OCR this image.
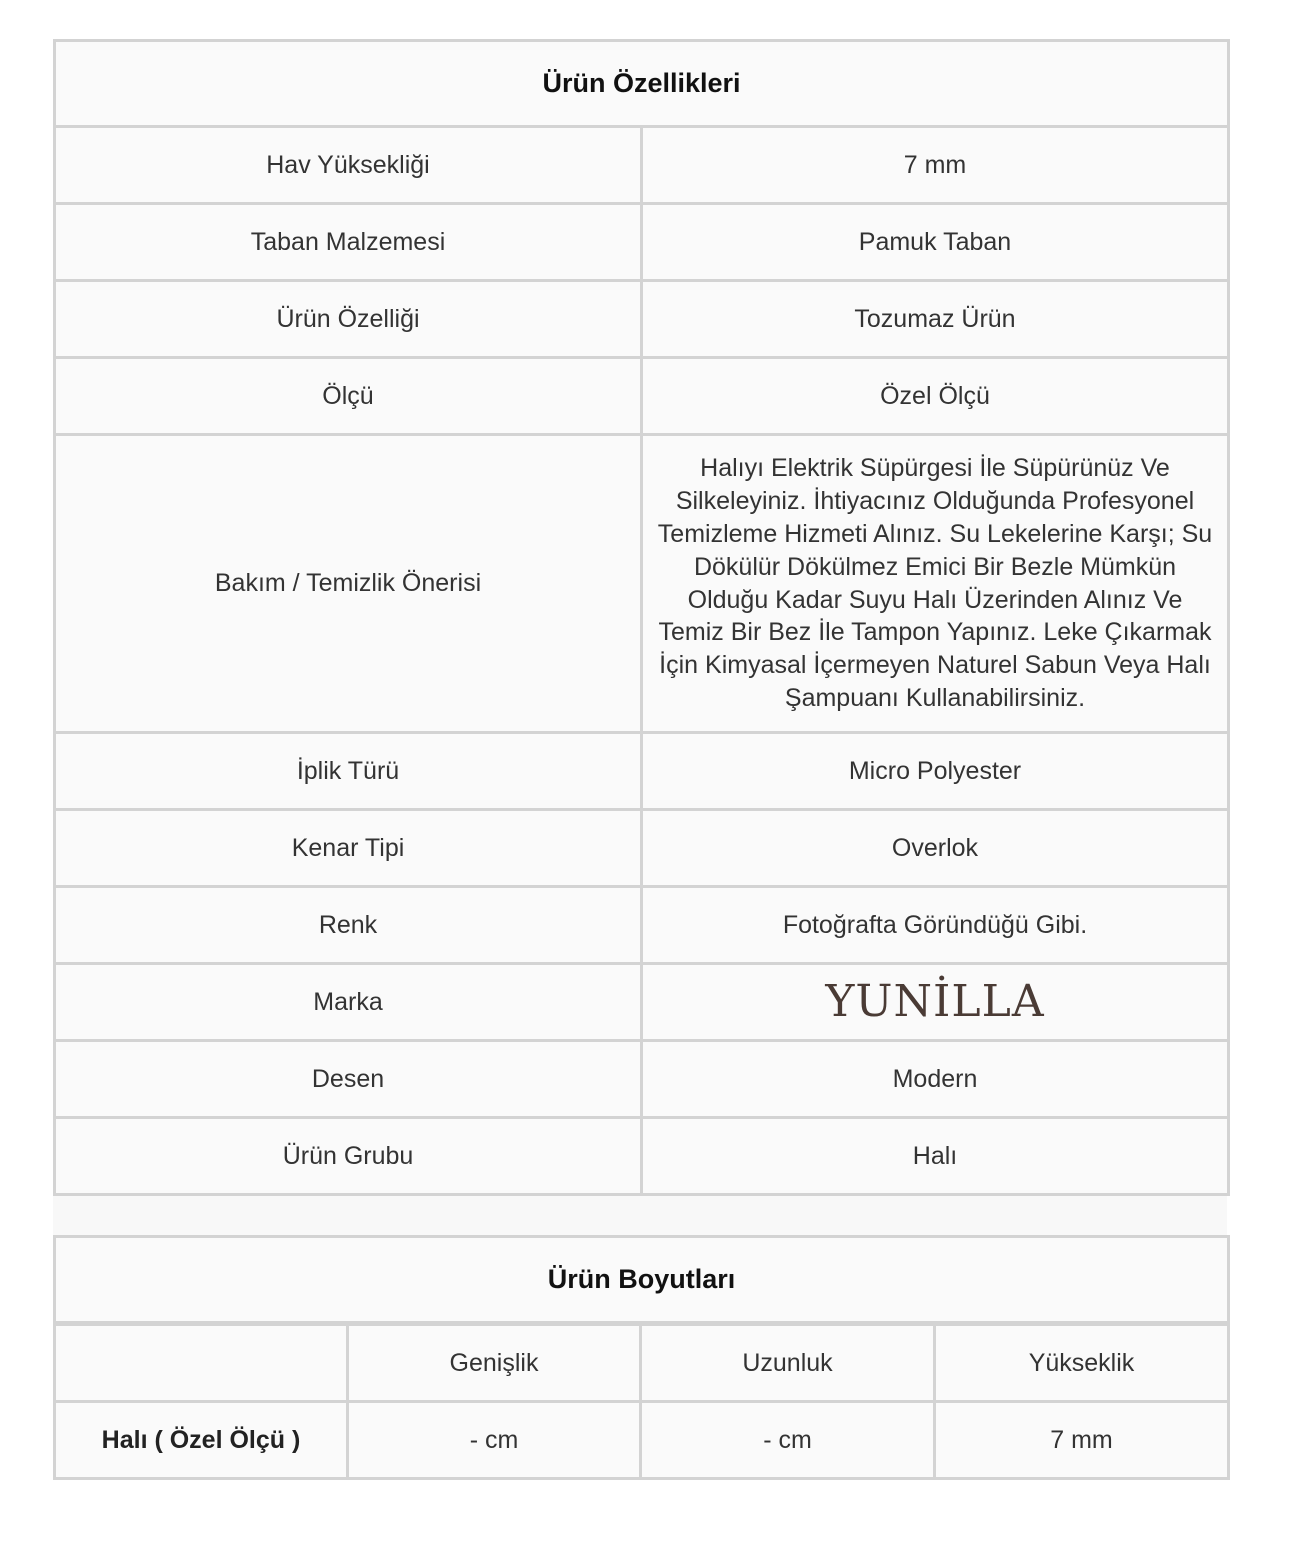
Ürün Özellikleri	
Hav Yüksekliği	7 mm
Taban Malzemesi	Pamuk Taban
Ürün Özelliği	Tozumaz Ürün
Ölçü	Özel Ölçü
Bakım / Temizlik Önerisi	Halıyı Elektrik Süpürgesi İle Süpürünüz Ve Silkeleyiniz. İhtiyacınız Olduğunda Profesyonel Temizleme Hizmeti Alınız. Su Lekelerine Karşı; Su Dökülür Dökülmez Emici Bir Bezle Mümkün Olduğu Kadar Suyu Halı Üzerinden Alınız Ve Temiz Bir Bez İle Tampon Yapınız. Leke Çıkarmak İçin Kimyasal İçermeyen Naturel Sabun Veya Halı Şampuanı Kullanabilirsiniz.
İplik Türü	Micro Polyester
Kenar Tipi	Overlok
Renk	Fotoğrafta Göründüğü Gibi.
Marka	YUNİLLA
Desen	Modern
Ürün Grubu	Halı
Ürün Boyutları			
	Genişlik	Uzunluk	Yükseklik
Halı ( Özel Ölçü )	- cm	- cm	7 mm
